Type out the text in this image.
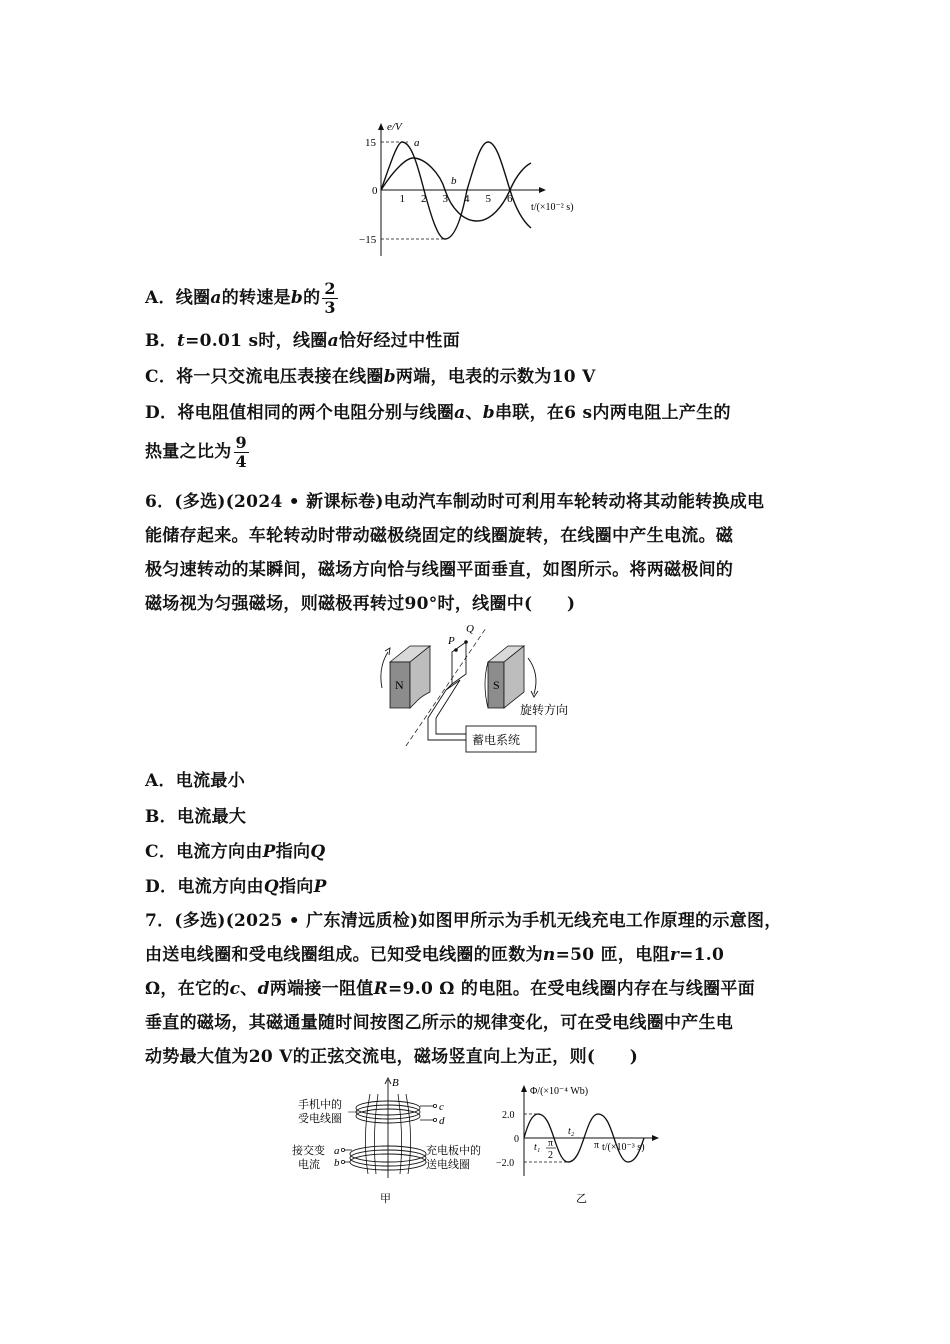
e/V
15
−15
0
a
b
1 2 3 4 5 6
t/(×10⁻² s)
A．线圈a的转速是b的 $\frac{2}{3}$
B．t=0.01 s时，线圈a恰好经过中性面
C．将一只交流电压表接在线圈b两端，电表的示数为10 V
D．将电阻值相同的两个电阻分别与线圈a、b串联，在6 s内两电阻上产生的
热量之比为 $\frac{9}{4}$
6．(多选)(2024 • 新课标卷)电动汽车制动时可利用车轮转动将其动能转换成电
能储存起来。车轮转动时带动磁极绕固定的线圈旋转，在线圈中产生电流。磁
极匀速转动的某瞬间，磁场方向恰与线圈平面垂直，如图所示。将两磁极间的
磁场视为匀强磁场，则磁极再转过90°时，线圈中(　　)
N	S
P
Q
蓄电系统
旋转方向
A．电流最小
B．电流最大
C．电流方向由P指向Q
D．电流方向由Q指向P
7．(多选)(2025 • 广东清远质检)如图甲所示为手机无线充电工作原理的示意图，
由送电线圈和受电线圈组成。已知受电线圈的匝数为n=50 匝，电阻r=1.0
Ω，在它的c、d两端接一阻值R=9.0 Ω 的电阻。在受电线圈内存在与线圈平面
垂直的磁场，其磁通量随时间按图乙所示的规律变化，可在受电线圈中产生电
动势最大值为20 V的正弦交流电，磁场竖直向上为正，则(　　)
B
c
d
a
b
手机中的
受电线圈
接交变
电流
充电板中的
送电线圈
甲
Φ/(×10⁻⁴ Wb)
2.0
−2.0
0
t₁ π
2
t₂
π t/(×10⁻³ s)
乙
